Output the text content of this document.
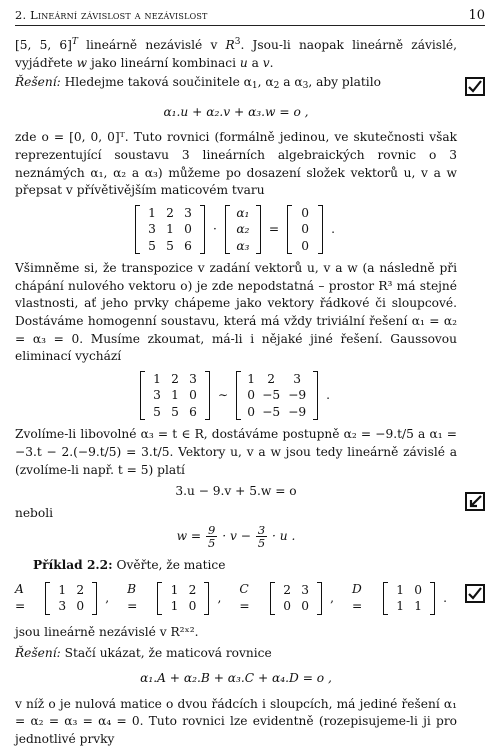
2. Lineární závislost a nezávislost	10

[5, 5, 6]$^T$ lineárně nezávislé v $R^3$. Jsou-li naopak lineárně závislé, vyjádřete w jako lineární kombinaci u a v.

Řešení: Hledejme taková součinitele $\alpha_1$, $\alpha_2$ a $\alpha_3$, aby platilo

α₁.u + α₂.v + α₃.w = o ,

zde o = [0, 0, 0]ᵀ. Tuto rovnici (formálně jedinou, ve skutečnosti však reprezentující soustavu 3 lineárních algebraických rovnic o 3 neznámých α₁, α₂ a α₃) můžeme po dosazení složek vektorů u, v a w přepsat v přívětivějším maticovém tvaru

1 2 3
3 1 0
5 5 6
·
α₁
α₂
α₃
=
0
0
0
.

Všimněme si, že transpozice v zadání vektorů u, v a w (a následně při chápání nulového vektoru o) je zde nepodstatná – prostor R³ má stejné vlastnosti, ať jeho prvky chápeme jako vektory řádkové či sloupcové. Dostáváme homogenní soustavu, která má vždy triviální řešení α₁ = α₂ = α₃ = 0. Musíme zkoumat, má-li i nějaké jiné řešení. Gaussovou eliminací vychází

1 2 3
3 1 0
5 5 6
∼
1	2	3
0 −5 −9
0 −5 −9
.

Zvolíme-li libovolné α₃ = t ∈ R, dostáváme postupně α₂ = −9.t/5 a α₁ = −3.t − 2.(−9.t/5) = 3.t/5. Vektory u, v a w jsou tedy lineárně závislé a (zvolíme-li např. t = 5) platí

3.u − 9.v + 5.w = o

neboli

$w = \frac{9}{5} \cdot v - \frac{3}{5} \cdot u$ .

Příklad 2.2: Ověřte, že matice

A =
1 2
3 0
,
B =
1 2
1 0
,
C =
2 3
0 0
,
D =
1 0
1 1
.

jsou lineárně nezávislé v R²ˣ².

Řešení: Stačí ukázat, že maticová rovnice

α₁.A + α₂.B + α₃.C + α₄.D = o ,

v níž o je nulová matice o dvou řádcích i sloupcích, má jediné řešení α₁ = α₂ = α₃ = α₄ = 0. Tuto rovnici lze evidentně (rozepisujeme-li ji pro jednotlivé prvky
